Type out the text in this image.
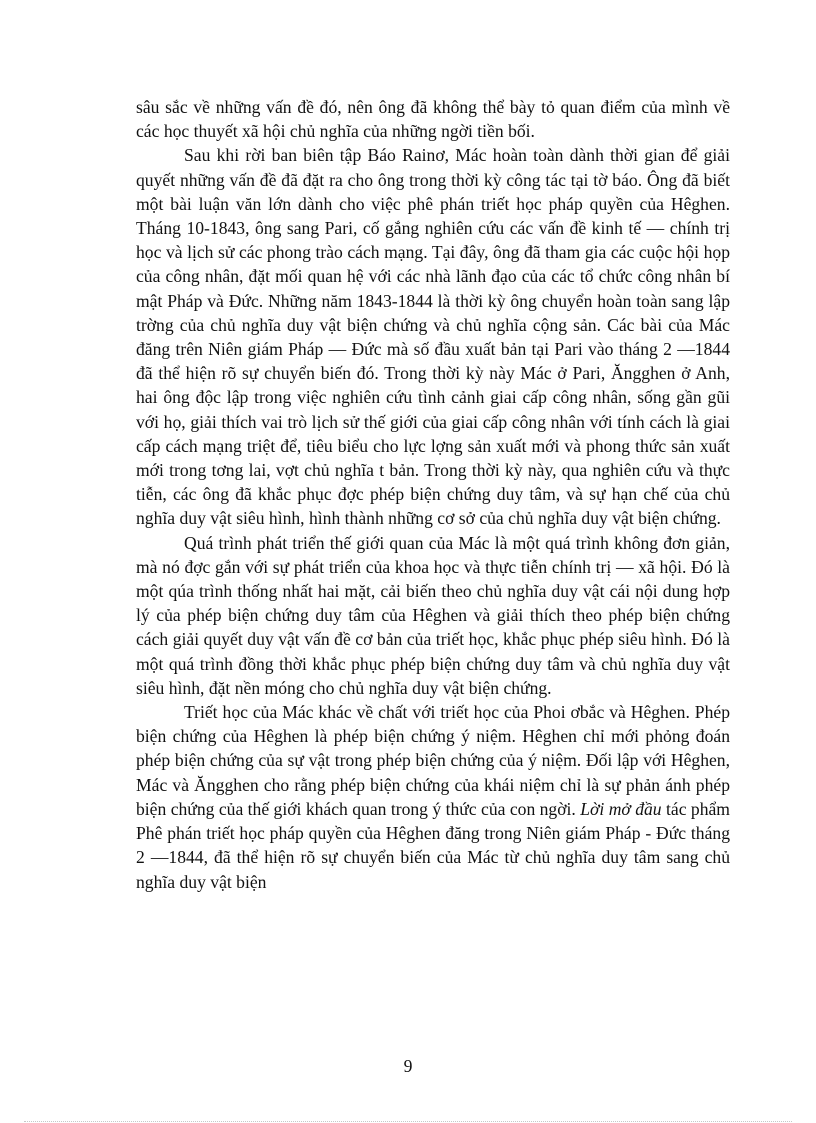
sâu sắc về những vấn đề đó, nên ông đã không thể bày tỏ quan điểm của mình về các học thuyết xã hội chủ nghĩa của những ngời tiền bối.

Sau khi rời ban biên tập Báo Rainơ, Mác hoàn toàn dành thời gian để giải quyết những vấn đề đã đặt ra cho ông trong thời kỳ công tác tại tờ báo. Ông đã biết một bài luận văn lớn dành cho việc phê phán triết học pháp quyền của Hêghen. Tháng 10-1843, ông sang Pari, cố gắng nghiên cứu các vấn đề kinh tế — chính trị học và lịch sử các phong trào cách mạng. Tại đây, ông đã tham gia các cuộc hội họp của công nhân, đặt mối quan hệ với các nhà lãnh đạo của các tổ chức công nhân bí mật Pháp và Đức. Những năm 1843-1844 là thời kỳ ông chuyển hoàn toàn sang lập trờng của chủ nghĩa duy vật biện chứng và chủ nghĩa cộng sản. Các bài của Mác đăng trên Niên giám Pháp — Đức mà số đầu xuất bản tại Pari vào tháng 2 —1844 đã thể hiện rõ sự chuyển biến đó. Trong thời kỳ này Mác ở Pari, Ăngghen ở Anh, hai ông độc lập trong việc nghiên cứu tình cảnh giai cấp công nhân, sống gần gũi với họ, giải thích vai trò lịch sử thế giới của giai cấp công nhân với tính cách là giai cấp cách mạng triệt để, tiêu biểu cho lực lợng sản xuất mới và phong thức sản xuất mới trong tơng lai, vợt chủ nghĩa t bản. Trong thời kỳ này, qua nghiên cứu và thực tiễn, các ông đã khắc phục đợc phép biện chứng duy tâm, và sự hạn chế của chủ nghĩa duy vật siêu hình, hình thành những cơ sở của chủ nghĩa duy vật biện chứng.

Quá trình phát triển thế giới quan của Mác là một quá trình không đơn giản, mà nó đợc gắn với sự phát triển của khoa học và thực tiễn chính trị — xã hội. Đó là một qúa trình thống nhất hai mặt, cải biến theo chủ nghĩa duy vật cái nội dung hợp lý của phép biện chứng duy tâm của Hêghen và giải thích theo phép biện chứng cách giải quyết duy vật vấn đề cơ bản của triết học, khắc phục phép siêu hình. Đó là một quá trình đồng thời khắc phục phép biện chứng duy tâm và chủ nghĩa duy vật siêu hình, đặt nền móng cho chủ nghĩa duy vật biện chứng.

Triết học của Mác khác về chất với triết học của Phoi ơbắc và Hêghen. Phép biện chứng của Hêghen là phép biện chứng ý niệm. Hêghen chỉ mới phỏng đoán phép biện chứng của sự vật trong phép biện chứng của ý niệm. Đối lập với Hêghen, Mác và Ăngghen cho rằng phép biện chứng của khái niệm chỉ là sự phản ánh phép biện chứng của thế giới khách quan trong ý thức của con ngời. Lời mở đầu tác phẩm Phê phán triết học pháp quyền của Hêghen đăng trong Niên giám Pháp - Đức tháng 2 —1844, đã thể hiện rõ sự chuyển biến của Mác từ chủ nghĩa duy tâm sang chủ nghĩa duy vật biện

9
